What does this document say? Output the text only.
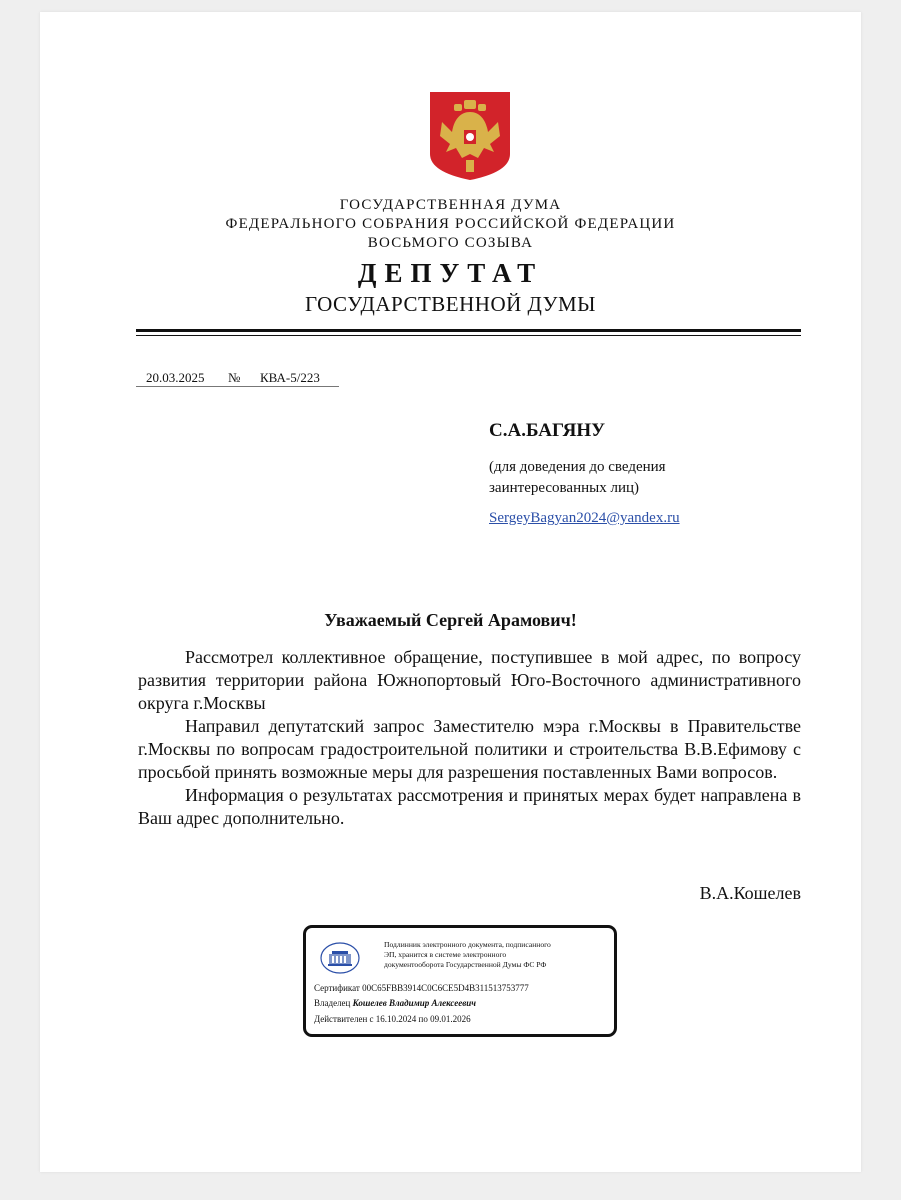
ГОСУДАРСТВЕННАЯ ДУМА
ФЕДЕРАЛЬНОГО СОБРАНИЯ РОССИЙСКОЙ ФЕДЕРАЦИИ
ВОСЬМОГО СОЗЫВА
ДЕПУТАТ
ГОСУДАРСТВЕННОЙ ДУМЫ
20.03.2025 № КВА-5/223
С.А.БАГЯНУ
(для доведения до сведения
заинтересованных лиц)
SergeyBagyan2024@yandex.ru
Уважаемый Сергей Арамович!

Рассмотрел коллективное обращение, поступившее в мой адрес, по вопросу развития территории района Южнопортовый Юго-Восточного административного округа г.Москвы

Направил депутатский запрос Заместителю мэра г.Москвы в Правительстве г.Москвы по вопросам градостроительной политики и строительства В.В.Ефимову с просьбой принять возможные меры для разрешения поставленных Вами вопросов.

Информация о результатах рассмотрения и принятых мерах будет направлена в Ваш адрес дополнительно.

В.А.Кошелев
Подлинник электронного документа, подписанного
ЭП, хранится в системе электронного
документооборота Государственной Думы ФС РФ
Сертификат 00C65FBB3914C0C6CE5D4B311513753777
Владелец Кошелев Владимир Алексеевич
Действителен с 16.10.2024 по 09.01.2026
